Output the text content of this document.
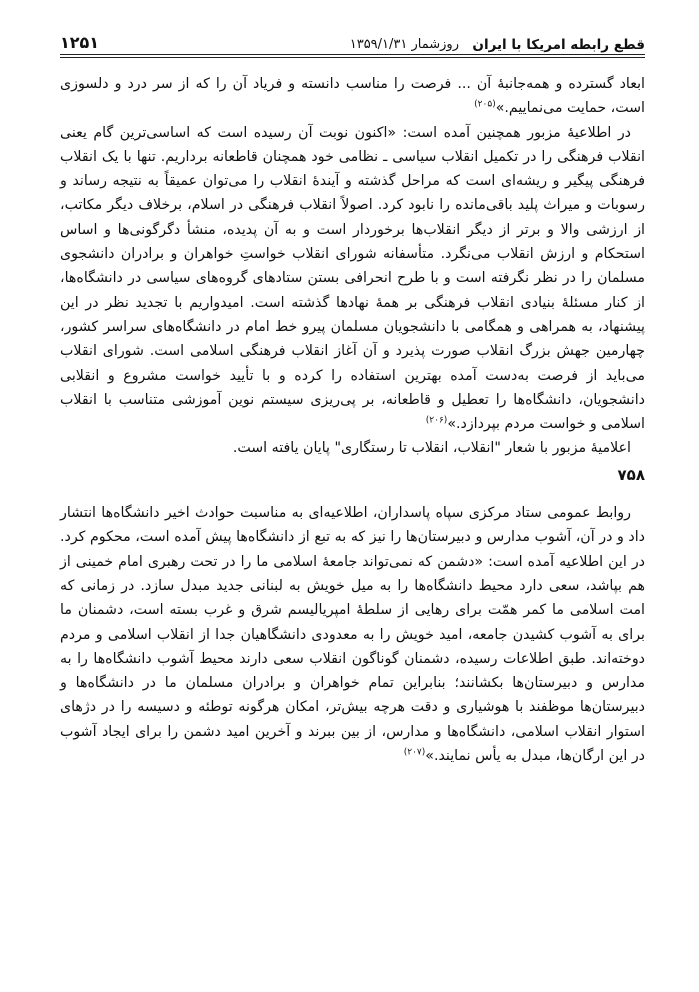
قطع رابطه امریکا با ایران
روزشمار ۱۳۵۹/۱/۳۱
۱۲۵۱

ابعاد گسترده و همه‌جانبهٔ آن ... فرصت را مناسب دانسته و فریاد آن را که از سر درد و دلسوزی است، حمایت می‌نماییم.»$^{(۲۰۵)}$

در اطلاعیهٔ مزبور همچنین آمده است: «اکنون نوبت آن رسیده است که اساسی‌ترین گام یعنی انقلاب فرهنگی را در تکمیل انقلاب سیاسی ـ نظامی خود همچنان قاطعانه برداریم. تنها با یک انقلاب فرهنگی پیگیر و ریشه‌ای است که مراحل گذشته و آیندهٔ انقلاب را می‌توان عمیقاً به نتیجه رساند و رسوبات و میراث پلید باقی‌مانده را نابود کرد. اصولاً انقلاب فرهنگی در اسلام، برخلاف دیگر مکاتب، از ارزشی والا و برتر از دیگر انقلاب‌ها برخوردار است و به آن پدیده، منشأ دگرگونی‌ها و اساس استحکام و ارزش انقلاب می‌نگرد. متأسفانه شورای انقلاب خواستِ خواهران و برادران دانشجوی مسلمان را در نظر نگرفته است و با طرح انحرافی بستن ستادهای گروه‌های سیاسی در دانشگاه‌ها، از کنار مسئلهٔ بنیادی انقلاب فرهنگی بر همهٔ نهادها گذشته است. امیدواریم با تجدید نظر در این پیشنهاد، به همراهی و همگامی با دانشجویان مسلمان پیرو خط امام در دانشگاه‌های سراسر کشور، چهارمین جهش بزرگ انقلاب صورت پذیرد و آن آغاز انقلاب فرهنگی اسلامی است. شورای انقلاب می‌باید از فرصت به‌دست آمده بهترین استفاده را کرده و با تأیید خواست مشروع و انقلابی دانشجویان، دانشگاه‌ها را تعطیل و قاطعانه، بر پی‌ریزی سیستم نوین آموزشی متناسب با انقلاب اسلامی و خواست مردم بپردازد.»$^{(۲۰۶)}$

اعلامیهٔ مزبور با شعار "انقلاب، انقلاب تا رستگاری" پایان یافته است.

۷۵۸

روابط عمومی ستاد مرکزی سپاه پاسداران، اطلاعیه‌ای به مناسبت حوادث اخیر دانشگاه‌ها انتشار داد و در آن، آشوب مدارس و دبیرستان‌ها را نیز که به تبع از دانشگاه‌ها پیش آمده است، محکوم کرد. در این اطلاعیه آمده است: «دشمن که نمی‌تواند جامعهٔ اسلامی ما را در تحت رهبری امام خمینی از هم بپاشد، سعی دارد محیط دانشگاه‌ها را به میل خویش به لبنانی جدید مبدل سازد. در زمانی که امت اسلامی ما کمر همّت برای رهایی از سلطهٔ امپریالیسم شرق و غرب بسته است، دشمنان ما برای به آشوب کشیدن جامعه، امید خویش را به معدودی دانشگاهیان جدا از انقلاب اسلامی و مردم دوخته‌اند. طبق اطلاعات رسیده، دشمنان گوناگون انقلاب سعی دارند محیط آشوب دانشگاه‌ها را به مدارس و دبیرستان‌ها بکشانند؛ بنابراین تمام خواهران و برادران مسلمان ما در دانشگاه‌ها و دبیرستان‌ها موظفند با هوشیاری و دقت هرچه بیش‌تر، امکان هرگونه توطئه و دسیسه را در دژهای استوار انقلاب اسلامی، دانشگاه‌ها و مدارس، از بین ببرند و آخرین امید دشمن را برای ایجاد آشوب در این ارگان‌ها، مبدل به یأس نمایند.»$^{(۲۰۷)}$
